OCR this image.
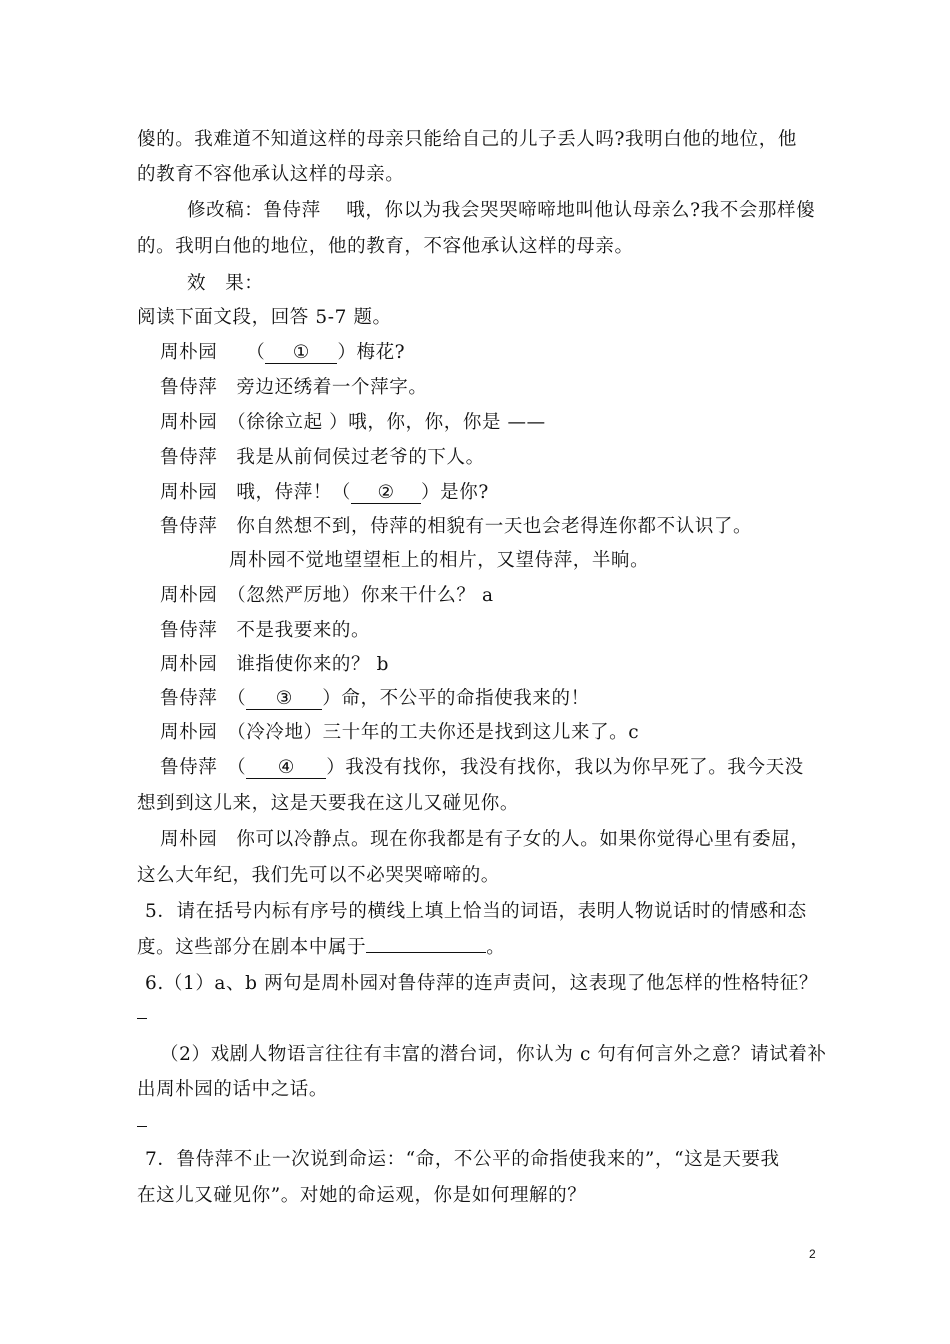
傻的。我难道不知道这样的母亲只能给自己的儿子丢人吗?我明白他的地位，他
的教育不容他承认这样的母亲。
修改稿：鲁侍萍　 哦，你以为我会哭哭啼啼地叫他认母亲么?我不会那样傻
的。我明白他的地位，他的教育，不容他承认这样的母亲。
效　果：
阅读下面文段，回答 5-7 题。
周朴园　　 （ ① ）梅花?
鲁侍萍　 旁边还绣着一个萍字。
周朴园　 （徐徐立起 ）哦，你，你，你是 ——
鲁侍萍　 我是从前伺侯过老爷的下人。
周朴园　 哦，侍萍！（ ② ）是你?
鲁侍萍　 你自然想不到，侍萍的相貌有一天也会老得连你都不认识了。
周朴园不觉地望望柜上的相片，又望侍萍，半晌。
周朴园　 （忽然严厉地）你来干什么？ a
鲁侍萍　 不是我要来的。
周朴园　 谁指使你来的？ b
鲁侍萍　 （ ③ ）命，不公平的命指使我来的！
周朴园　 （冷冷地）三十年的工夫你还是找到这儿来了。c
鲁侍萍　 （ ④ ）我没有找你，我没有找你，我以为你早死了。我今天没
想到到这儿来，这是天要我在这儿又碰见你。
周朴园　 你可以冷静点。现在你我都是有子女的人。如果你觉得心里有委屈，
这么大年纪，我们先可以不必哭哭啼啼的。
5．请在括号内标有序号的横线上填上恰当的词语，表明人物说话时的情感和态
度。这些部分在剧本中属于	。
6.（1）a、b 两句是周朴园对鲁侍萍的连声责问，这表现了他怎样的性格特征？
（2）戏剧人物语言往往有丰富的潜台词，你认为 c 句有何言外之意？请试着补
出周朴园的话中之话。
7．鲁侍萍不止一次说到命运：“命，不公平的命指使我来的”，“这是天要我
在这儿又碰见你”。对她的命运观，你是如何理解的？
2
